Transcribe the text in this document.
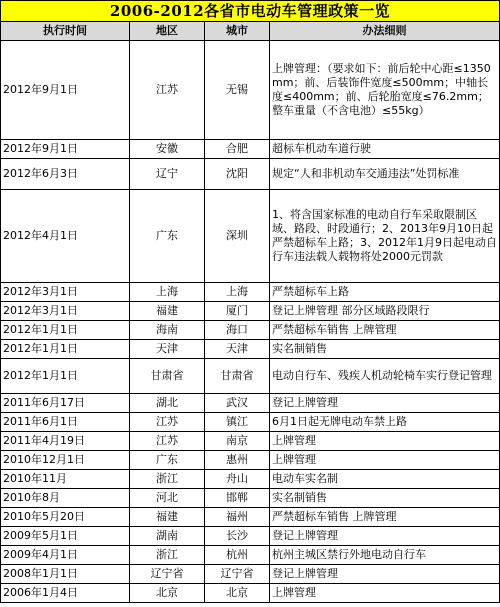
2006-2012各省市电动车管理政策一览			
执行时间	地区	城市	办法细则
2012年9月1日	江苏	无锡	上牌管理：（要求如下：前后轮中心距≤1350mm；前、后装饰件宽度≤500mm；中轴长度≤400mm；前、后轮胎宽度≤76.2mm；整车重量（不含电池）≤55kg）
2012年9月1日	安徽	合肥	超标车机动车道行驶
2012年6月3日	辽宁	沈阳	规定“人和非机动车交通违法”处罚标准
2012年4月1日	广东	深圳	1、将含国家标准的电动自行车采取限制区域、路段、时段通行；2、2013年9月10日起严禁超标车上路；3、2012年1月9日起电动自行车违法载人载物将处2000元罚款
2012年3月1日	上海	上海	严禁超标车上路
2012年3月1日	福建	厦门	登记上牌管理 部分区域路段限行
2012年1月1日	海南	海口	严禁超标车销售 上牌管理
2012年1月1日	天津	天津	实名制销售
2012年1月1日	甘肃省	甘肃省	电动自行车、残疾人机动轮椅车实行登记管理
2011年6月17日	湖北	武汉	登记上牌管理
2011年6月1日	江苏	镇江	6月1日起无牌电动车禁上路
2011年4月19日	江苏	南京	上牌管理
2010年12月1日	广东	惠州	上牌管理
2010年11月	浙江	舟山	电动车实名制
2010年8月	河北	邯郸	实名制销售
2010年5月20日	福建	福州	严禁超标车销售 上牌管理
2009年5月1日	湖南	长沙	登记上牌管理
2009年4月1日	浙江	杭州	杭州主城区禁行外地电动自行车
2008年1月1日	辽宁省	辽宁省	登记上牌管理
2006年1月4日	北京	北京	上牌管理
